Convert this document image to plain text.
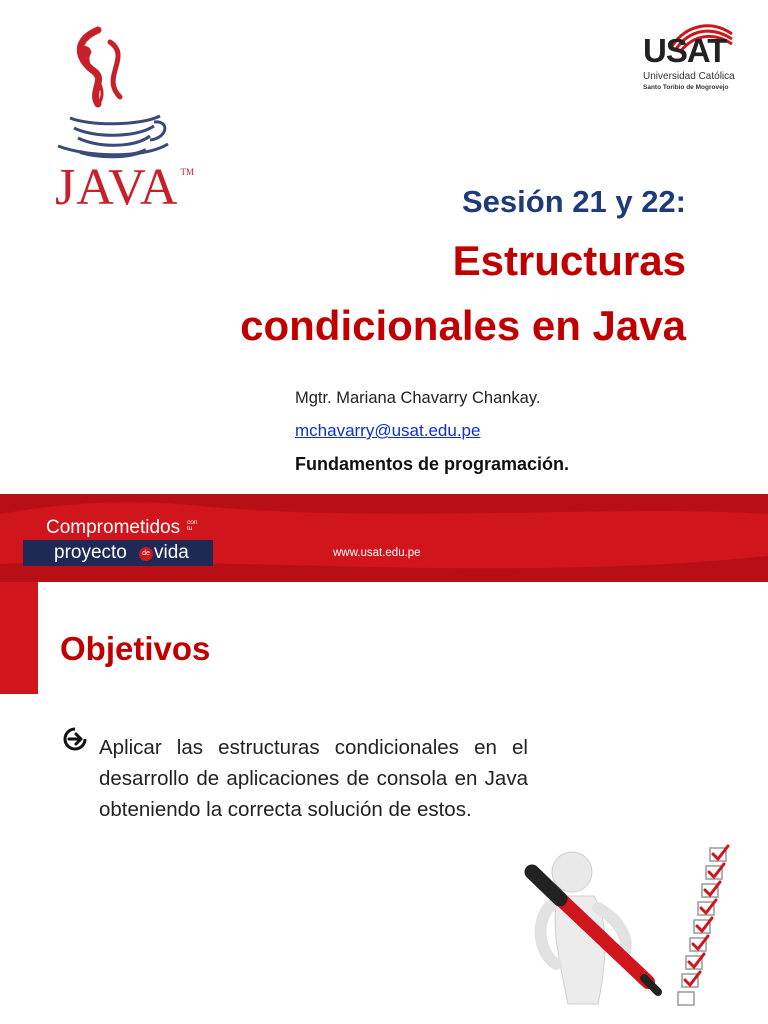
JAVA ™
USAT
Universidad Católica
Santo Toribio de Mogrovejo
Sesión 21 y 22:
Estructuras
condicionales en Java
Mgtr. Mariana Chavarry Chankay.
mchavarry@usat.edu.pe
Fundamentos de programación.
Comprometidos con
tu
proyecto	de vida	www.usat.edu.pe
Objetivos
Aplicar las estructuras condicionales en el desarrollo de aplicaciones de consola en Java obteniendo la correcta solución de estos.
